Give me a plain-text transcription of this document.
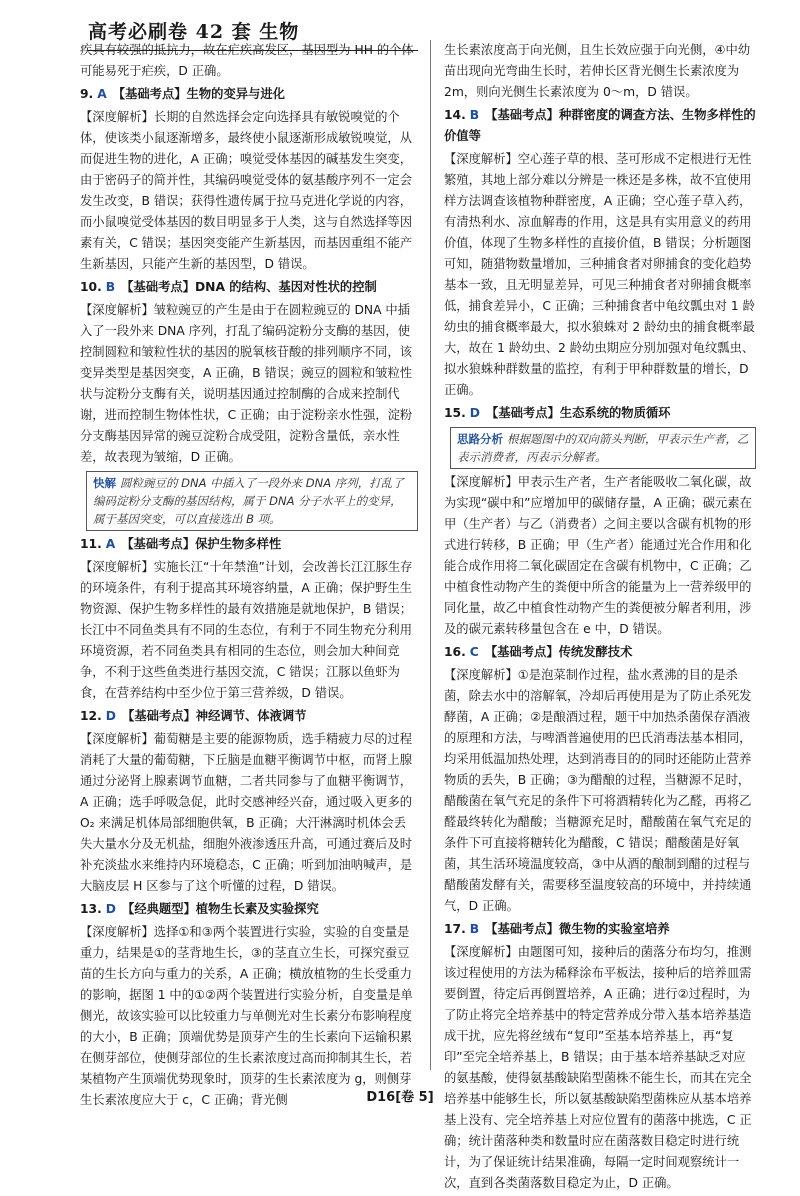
高考必刷卷 42 套 生物
疾具有较强的抵抗力，故在疟疾高发区，基因型为 HH 的个体可能易死于疟疾，D 正确。
9. A 【基础考点】生物的变异与进化
【深度解析】长期的自然选择会定向选择具有敏锐嗅觉的个体，使该类小鼠逐渐增多，最终使小鼠逐渐形成敏锐嗅觉，从而促进生物的进化，A 正确；嗅觉受体基因的碱基发生突变，由于密码子的简并性，其编码嗅觉受体的氨基酸序列不一定会发生改变，B 错误；获得性遗传属于拉马克进化学说的内容，而小鼠嗅觉受体基因的数目明显多于人类，这与自然选择等因素有关，C 错误；基因突变能产生新基因，而基因重组不能产生新基因，只能产生新的基因型，D 错误。
10. B 【基础考点】DNA 的结构、基因对性状的控制
【深度解析】皱粒豌豆的产生是由于在圆粒豌豆的 DNA 中插入了一段外来 DNA 序列，打乱了编码淀粉分支酶的基因，使控制圆粒和皱粒性状的基因的脱氧核苷酸的排列顺序不同，该变异类型是基因突变，A 正确，B 错误；豌豆的圆粒和皱粒性状与淀粉分支酶有关，说明基因通过控制酶的合成来控制代谢，进而控制生物体性状，C 正确；由于淀粉亲水性强，淀粉分支酶基因异常的豌豆淀粉合成受阻，淀粉含量低，亲水性差，故表现为皱缩，D 正确。
快解 圆粒豌豆的 DNA 中插入了一段外来 DNA 序列，打乱了编码淀粉分支酶的基因结构，属于 DNA 分子水平上的变异，属于基因突变，可以直接选出 B 项。
11. A 【基础考点】保护生物多样性
【深度解析】实施长江“十年禁渔”计划，会改善长江江豚生存的环境条件，有利于提高其环境容纳量，A 正确；保护野生生物资源、保护生物多样性的最有效措施是就地保护，B 错误；长江中不同鱼类具有不同的生态位，有利于不同生物充分利用环境资源，若不同鱼类具有相同的生态位，则会加大种间竞争，不利于这些鱼类进行基因交流，C 错误；江豚以鱼虾为食，在营养结构中至少位于第三营养级，D 错误。
12. D 【基础考点】神经调节、体液调节
【深度解析】葡萄糖是主要的能源物质，选手精疲力尽的过程消耗了大量的葡萄糖，下丘脑是血糖平衡调节中枢，而肾上腺通过分泌肾上腺素调节血糖，二者共同参与了血糖平衡调节，A 正确；选手呼吸急促，此时交感神经兴奋，通过吸入更多的 O₂ 来满足机体局部细胞供氧，B 正确；大汗淋漓时机体会丢失大量水分及无机盐，细胞外液渗透压升高，可通过赛后及时补充淡盐水来维持内环境稳态，C 正确；听到加油呐喊声，是大脑皮层 H 区参与了这个听懂的过程，D 错误。
13. D 【经典题型】植物生长素及实验探究
【深度解析】选择①和③两个装置进行实验，实验的自变量是重力，结果是①的茎背地生长，③的茎直立生长，可探究蚕豆苗的生长方向与重力的关系，A 正确；横放植物的生长受重力的影响，据图 1 中的①②两个装置进行实验分析，自变量是单侧光，故该实验可以比较重力与单侧光对生长素分布影响程度的大小，B 正确；顶端优势是顶芽产生的生长素向下运输积累在侧芽部位，使侧芽部位的生长素浓度过高而抑制其生长，若某植物产生顶端优势现象时，顶芽的生长素浓度为 g，则侧芽生长素浓度应大于 c，C 正确；背光侧
生长素浓度高于向光侧，且生长效应强于向光侧，④中幼苗出现向光弯曲生长时，若伸长区背光侧生长素浓度为 2m，则向光侧生长素浓度为 0～m，D 错误。
14. B 【基础考点】种群密度的调查方法、生物多样性的价值等
【深度解析】空心莲子草的根、茎可形成不定根进行无性繁殖，其地上部分难以分辨是一株还是多株，故不宜使用样方法调查该植物种群密度，A 正确；空心莲子草入药，有清热利水、凉血解毒的作用，这是具有实用意义的药用价值，体现了生物多样性的直接价值，B 错误；分析题图可知，随猎物数量增加，三种捕食者对卵捕食的变化趋势基本一致，且无明显差异，可见三种捕食者对卵捕食概率低，捕食差异小，C 正确；三种捕食者中龟纹瓢虫对 1 龄幼虫的捕食概率最大，拟水狼蛛对 2 龄幼虫的捕食概率最大，故在 1 龄幼虫、2 龄幼虫期应分别加强对龟纹瓢虫、拟水狼蛛种群数量的监控，有利于甲种群数量的增长，D 正确。
15. D 【基础考点】生态系统的物质循环
思路分析 根据题图中的双向箭头判断，甲表示生产者，乙表示消费者，丙表示分解者。
【深度解析】甲表示生产者，生产者能吸收二氧化碳，故为实现“碳中和”应增加甲的碳储存量，A 正确；碳元素在甲（生产者）与乙（消费者）之间主要以含碳有机物的形式进行转移，B 正确；甲（生产者）能通过光合作用和化能合成作用将二氧化碳固定在含碳有机物中，C 正确；乙中植食性动物产生的粪便中所含的能量为上一营养级甲的同化量，故乙中植食性动物产生的粪便被分解者利用，涉及的碳元素转移量包含在 e 中，D 错误。
16. C 【基础考点】传统发酵技术
【深度解析】①是泡菜制作过程，盐水煮沸的目的是杀菌，除去水中的溶解氧，冷却后再使用是为了防止杀死发酵菌，A 正确；②是酿酒过程，题干中加热杀菌保存酒液的原理和方法，与啤酒普遍使用的巴氏消毒法基本相同，均采用低温加热处理，达到消毒目的的同时还能防止营养物质的丢失，B 正确；③为醋酿的过程，当糖源不足时，醋酸菌在氧气充足的条件下可将酒精转化为乙醛，再将乙醛最终转化为醋酸；当糖源充足时，醋酸菌在氧气充足的条件下可直接将糖转化为醋酸，C 错误；醋酸菌是好氧菌，其生活环境温度较高，③中从酒的酿制到醋的过程与醋酸菌发酵有关，需要移至温度较高的环境中，并持续通气，D 正确。
17. B 【基础考点】微生物的实验室培养
【深度解析】由题图可知，接种后的菌落分布均匀，推测该过程使用的方法为稀释涂布平板法，接种后的培养皿需要倒置，待定后再倒置培养，A 正确；进行②过程时，为了防止将完全培养基中的特定营养成分带入基本培养基造成干扰，应先将丝绒布“复印”至基本培养基上，再“复印”至完全培养基上，B 错误；由于基本培养基缺乏对应的氨基酸，使得氨基酸缺陷型菌株不能生长，而其在完全培养基中能够生长，所以氨基酸缺陷型菌株应从基本培养基上没有、完全培养基上对应位置有的菌落中挑选，C 正确；统计菌落种类和数量时应在菌落数目稳定时进行统计，为了保证统计结果准确，每隔一定时间观察统计一次，直到各类菌落数目稳定为止，D 正确。
D16[卷 5]
